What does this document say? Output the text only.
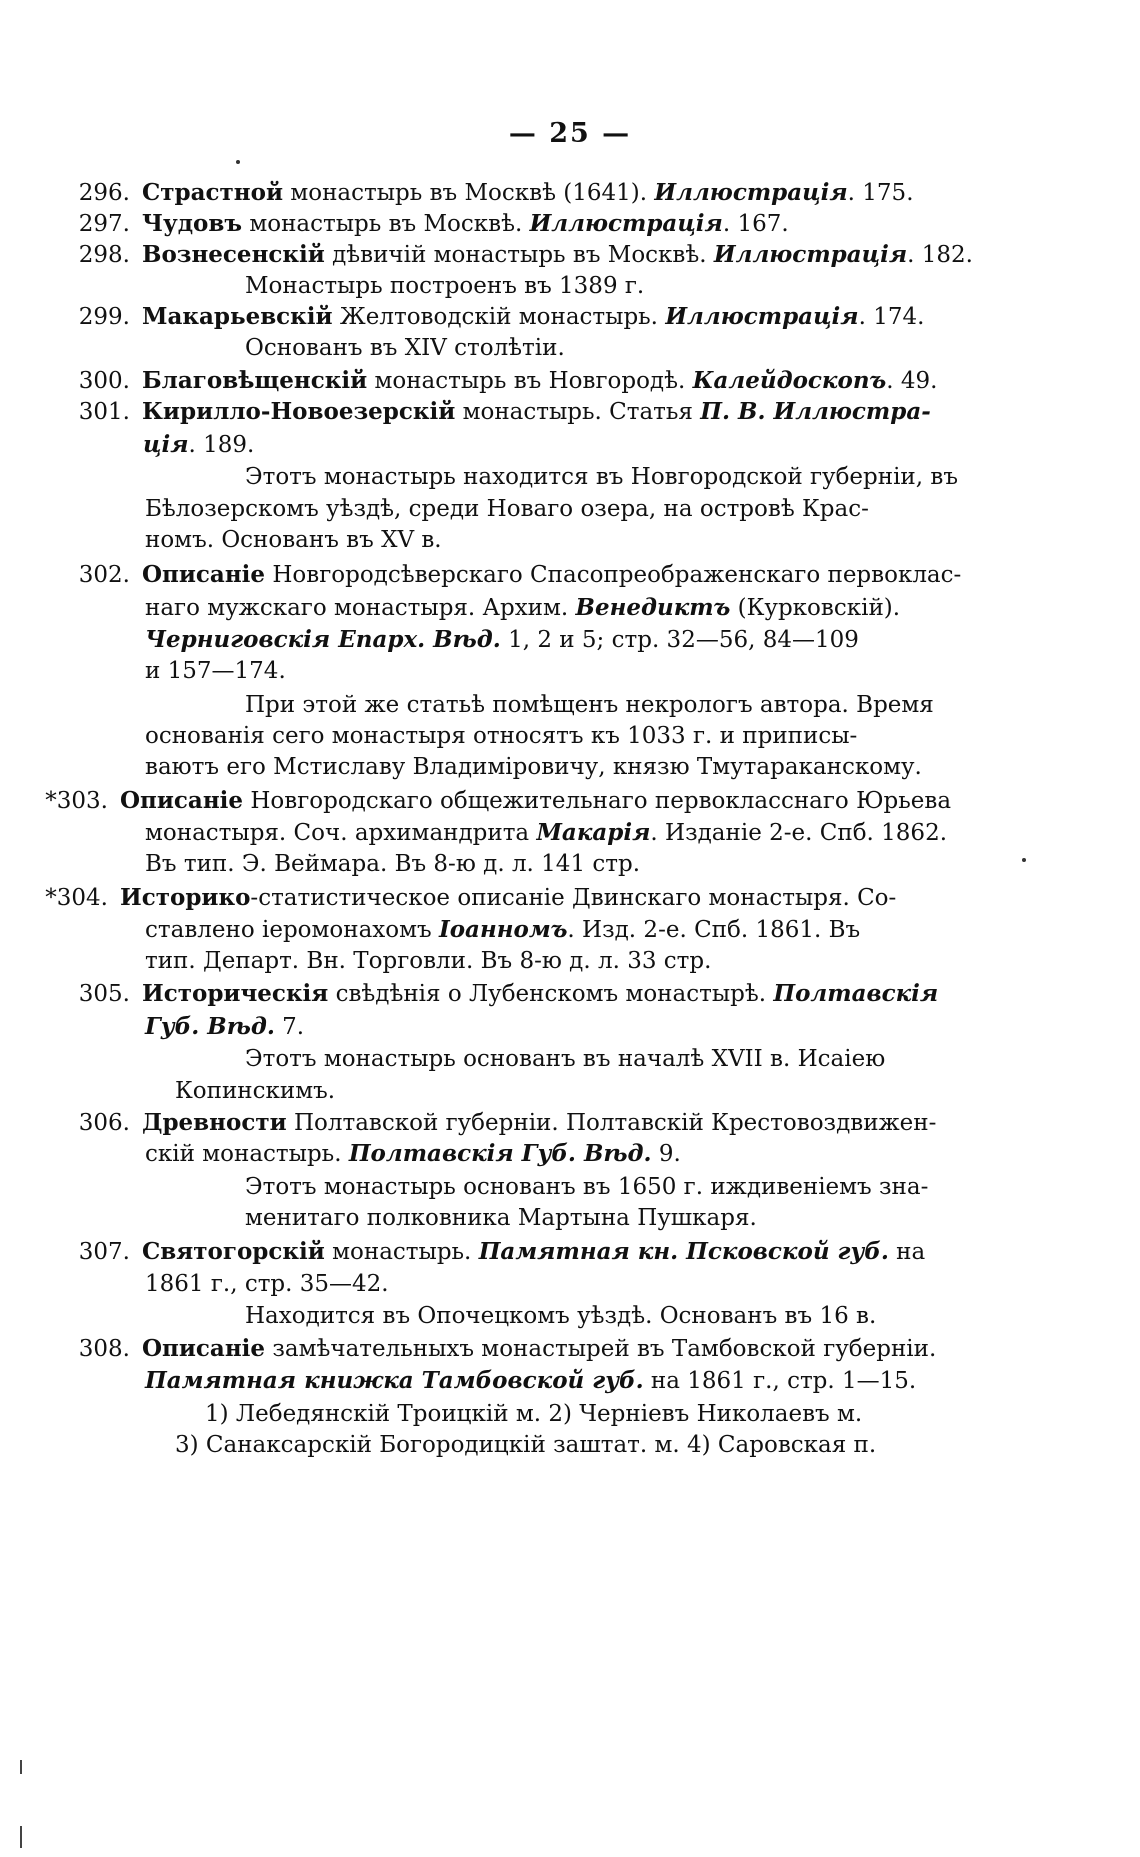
— 25 —
296. Страстной монастырь въ Москвѣ (1641). Иллюстрація. 175.
297. Чудовъ монастырь въ Москвѣ. Иллюстрація. 167.
298. Вознесенскій дѣвичій монастырь въ Москвѣ. Иллюстрація. 182.
Монастырь построенъ въ 1389 г.
299. Макарьевскій Желтоводскій монастырь. Иллюстрація. 174.
Основанъ въ XIV столѣтіи.
300. Благовѣщенскій монастырь въ Новгородѣ. Калейдоскопъ. 49.
301. Кирилло-Новоезерскій монастырь. Статья П. В. Иллюстра-
ція. 189.
Этотъ монастырь находится въ Новгородской губерніи, въ
Бѣлозерскомъ уѣздѣ, среди Новаго озера, на островѣ Крас-
номъ. Основанъ въ XV в.
302. Описаніе Новгородсѣверскаго Спасопреображенскаго первоклас-
наго мужскаго монастыря. Архим. Венедиктъ (Курковскій).
Черниговскія Епарх. Вѣд. 1, 2 и 5; стр. 32—56, 84—109
и 157—174.
При этой же статьѣ помѣщенъ некрологъ автора. Время
основанія сего монастыря относятъ къ 1033 г. и приписы-
ваютъ его Мстиславу Владиміровичу, князю Тмутараканскому.
*303. Описаніе Новгородскаго общежительнаго первокласснаго Юрьева
монастыря. Соч. архимандрита Макарія. Изданіе 2-е. Спб. 1862.
Въ тип. Э. Веймара. Въ 8-ю д. л. 141 стр.
*304. Историко-статистическое описаніе Двинскаго монастыря. Со-
ставлено іеромонахомъ Іоанномъ. Изд. 2-е. Спб. 1861. Въ
тип. Департ. Вн. Торговли. Въ 8-ю д. л. 33 стр.
305. Историческія свѣдѣнія о Лубенскомъ монастырѣ. Полтавскія
Губ. Вѣд. 7.
Этотъ монастырь основанъ въ началѣ XVII в. Исаіею
Копинскимъ.
306. Древности Полтавской губерніи. Полтавскій Крестовоздвижен-
скій монастырь. Полтавскія Губ. Вѣд. 9.
Этотъ монастырь основанъ въ 1650 г. иждивеніемъ зна-
менитаго полковника Мартына Пушкаря.
307. Святогорскій монастырь. Памятная кн. Псковской губ. на
1861 г., стр. 35—42.
Находится въ Опочецкомъ уѣздѣ. Основанъ въ 16 в.
308. Описаніе замѣчательныхъ монастырей въ Тамбовской губерніи.
Памятная книжка Тамбовской губ. на 1861 г., стр. 1—15.
1) Лебедянскій Троицкій м. 2) Черніевъ Николаевъ м.
3) Санаксарскій Богородицкій заштат. м. 4) Саровская п.
